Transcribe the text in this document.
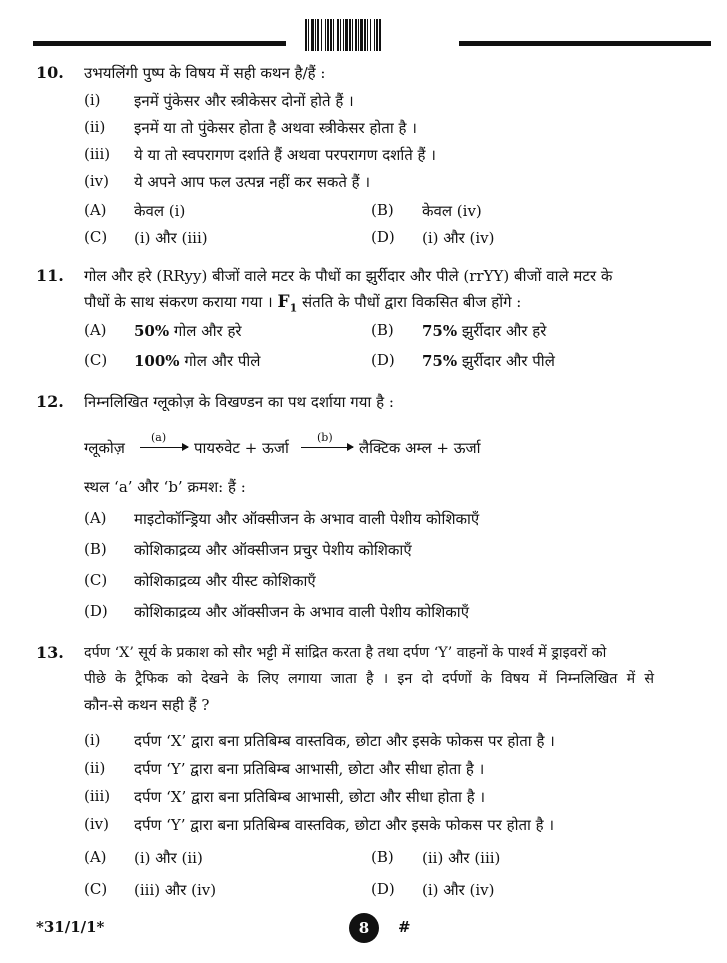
10. उभयलिंगी पुष्प के विषय में सही कथन है/हैं :
(i) इनमें पुंकेसर और स्त्रीकेसर दोनों होते हैं ।
(ii) इनमें या तो पुंकेसर होता है अथवा स्त्रीकेसर होता है ।
(iii) ये या तो स्वपरागण दर्शाते हैं अथवा परपरागण दर्शाते हैं ।
(iv) ये अपने आप फल उत्पन्न नहीं कर सकते हैं ।
(A) केवल (i)	(B) केवल (iv)
(C) (i) और (iii)	(D) (i) और (iv)
11. गोल और हरे (RRyy) बीजों वाले मटर के पौधों का झुर्रीदार और पीले (rrYY) बीजों वाले मटर के
पौधों के साथ संकरण कराया गया । $F_1$ संतति के पौधों द्वारा विकसित बीज होंगे :
(A) 50% गोल और हरे	(B) 75% झुर्रीदार और हरे
(C) 100% गोल और पीले	(D) 75% झुर्रीदार और पीले
12. निम्नलिखित ग्लूकोज़ के विखण्डन का पथ दर्शाया गया है :
ग्लूकोज़
(a)
पायरुवेट + ऊर्जा
(b)
लैक्टिक अम्ल + ऊर्जा
स्थल ‘a’ और ‘b’ क्रमश: हैं :
(A) माइटोकॉन्ड्रिया और ऑक्सीजन के अभाव वाली पेशीय कोशिकाएँ
(B) कोशिकाद्रव्य और ऑक्सीजन प्रचुर पेशीय कोशिकाएँ
(C) कोशिकाद्रव्य और यीस्ट कोशिकाएँ
(D) कोशिकाद्रव्य और ऑक्सीजन के अभाव वाली पेशीय कोशिकाएँ
13. दर्पण ‘X’ सूर्य के प्रकाश को सौर भट्टी में सांद्रित करता है तथा दर्पण ‘Y’ वाहनों के पार्श्व में ड्राइवरों को
पीछे के ट्रैफिक को देखने के लिए लगाया जाता है । इन दो दर्पणों के विषय में निम्नलिखित में से
कौन-से कथन सही हैं ?
(i) दर्पण ‘X’ द्वारा बना प्रतिबिम्ब वास्तविक, छोटा और इसके फोकस पर होता है ।
(ii) दर्पण ‘Y’ द्वारा बना प्रतिबिम्ब आभासी, छोटा और सीधा होता है ।
(iii) दर्पण ‘X’ द्वारा बना प्रतिबिम्ब आभासी, छोटा और सीधा होता है ।
(iv) दर्पण ‘Y’ द्वारा बना प्रतिबिम्ब वास्तविक, छोटा और इसके फोकस पर होता है ।
(A) (i) और (ii)	(B) (ii) और (iii)
(C) (iii) और (iv)	(D) (i) और (iv)
*31/1/1*	8	#
